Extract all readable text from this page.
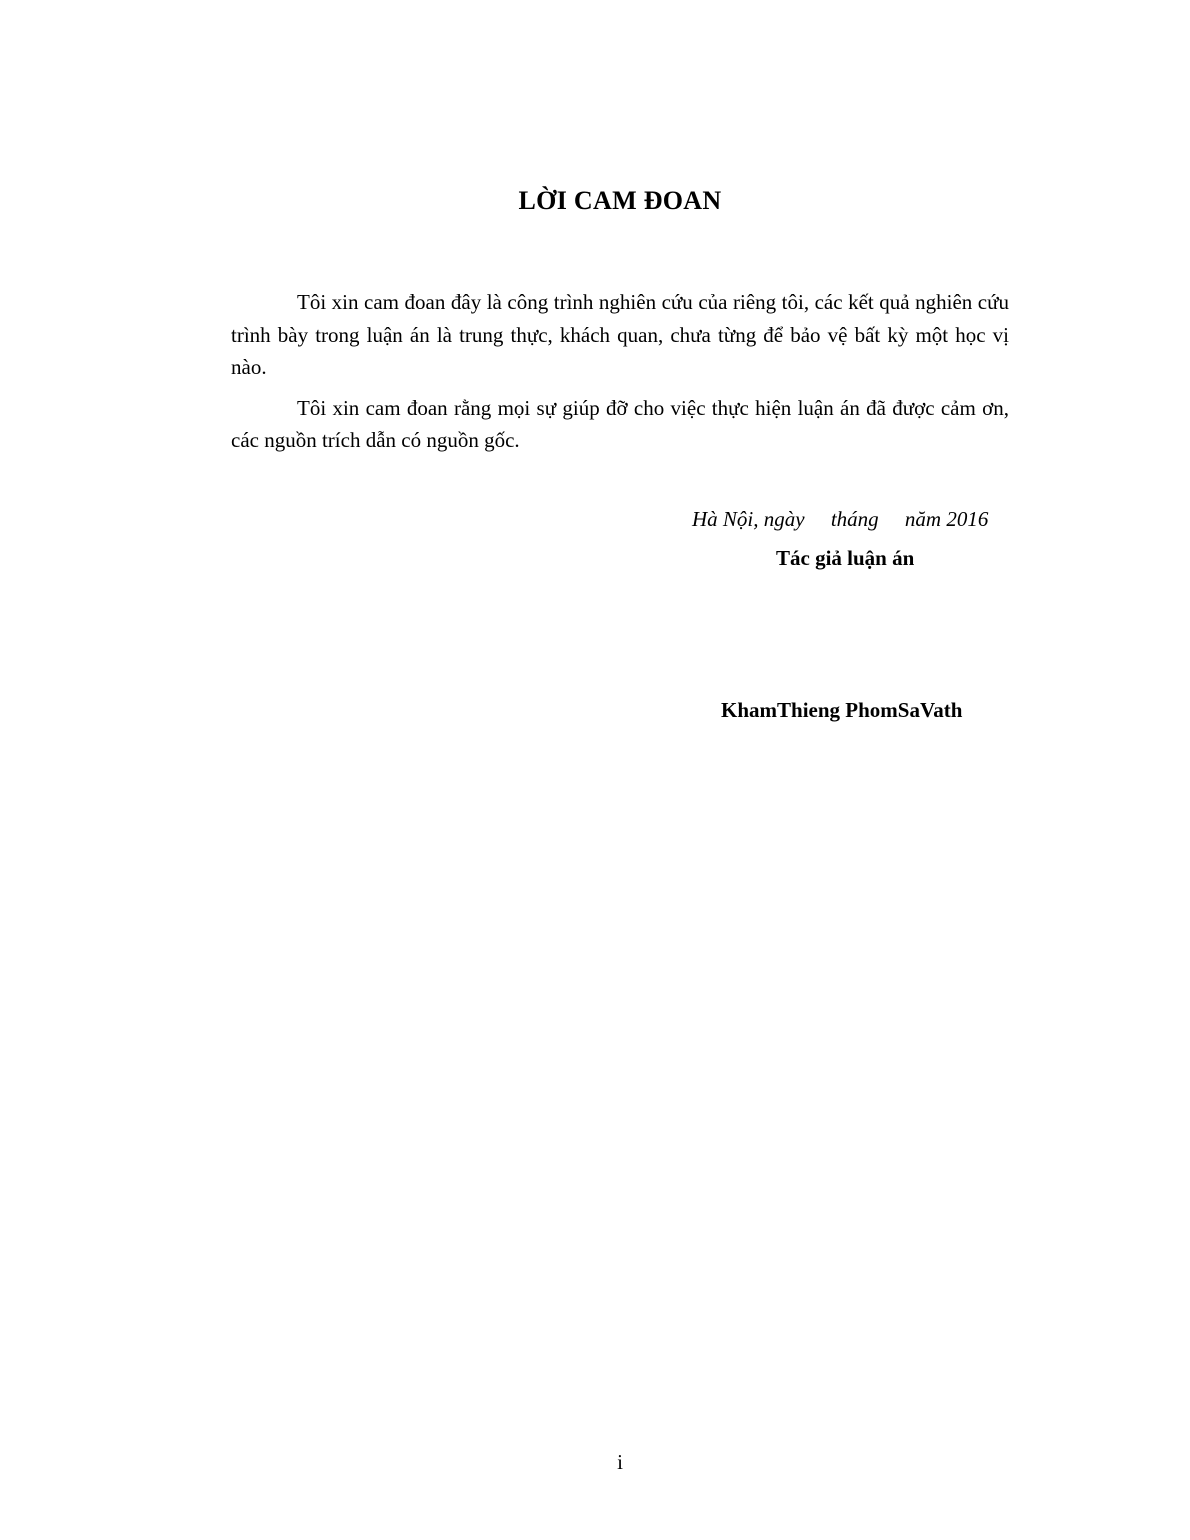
LỜI CAM ĐOAN

Tôi xin cam đoan đây là công trình nghiên cứu của riêng tôi, các kết quả nghiên cứu trình bày trong luận án là trung thực, khách quan, chưa từng để bảo vệ bất kỳ một học vị nào.

Tôi xin cam đoan rằng mọi sự giúp đỡ cho việc thực hiện luận án đã được cảm ơn, các nguồn trích dẫn có nguồn gốc.

Hà Nội, ngày     tháng     năm 2016
Tác giả luận án
KhamThieng PhomSaVath
i
